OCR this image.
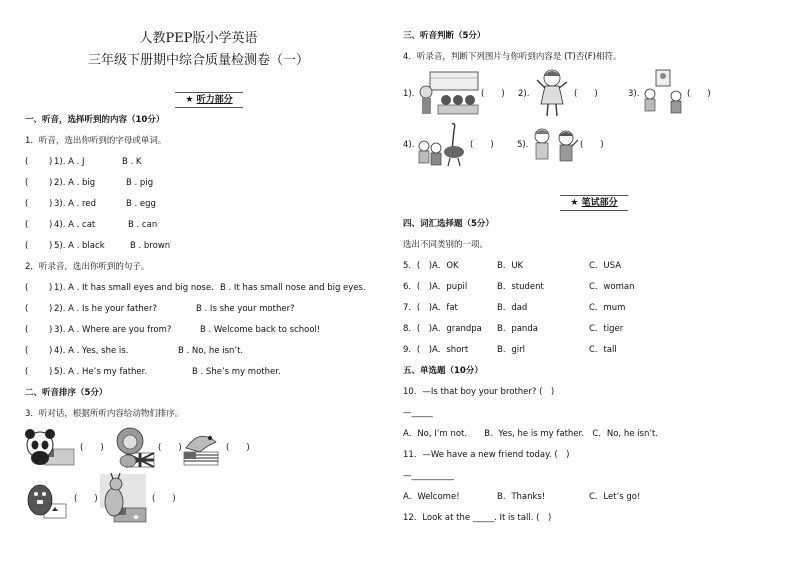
人教PEP版小学英语
三年级下册期中综合质量检测卷（一）
★ 听力部分
一、听音，选择听到的内容（10分）
1．听音，选出你听到的字母或单词。
( ) 1). A . J	B . K
( ) 2). A . big	B . pig
( ) 3). A . red	B . egg
( ) 4). A . cat	B . can
( ) 5). A . black	B . brown
2．听录音，选出你听到的句子。
( ) 1). A . It has small eyes and big nose. B . It has small nose and big eyes.
( ) 2). A . Is he your father?	B . Is she your mother?
( ) 3). A . Where are you from?	B . Welcome back to school!
( ) 4). A . Yes, she is.	B . No, he isn’t.
( ) 5). A . He’s my father.	B . She’s my mother.
二、听音排序（5分）
3．听对话，根据所听内容给动物们排序。
(　　)	(　　)	(　　)
(　　)	(　　)
三、听音判断（5分）
4．听录音，判断下列图片与你听到内容是 (T)否(F)相符。
1).	(　　) 2).	(　　)	3).	(　　)
4).	(　　)	5).	(　　)
★ 笔试部分
四、词汇选择题（5分）
选出不同类别的一项。
5．(　)A．OK	B．UK	C．USA
6．(　)A．pupil	B．student	C．woman
7．(　)A．fat	B．dad	C．mum
8．(　)A．grandpa B．panda	C．tiger
9．(　)A．short	B．girl	C．tall
五、单选题（10分）
10．—Is that boy your brother? (　)
—_____
A．No, I’m not.　　B．Yes, he is my father.　C．No, he isn’t.
11．—We have a new friend today. (　)
—__________
A．Welcome!	B．Thanks!	C．Let’s go!
12．Look at the _____. It is tall. (　)
